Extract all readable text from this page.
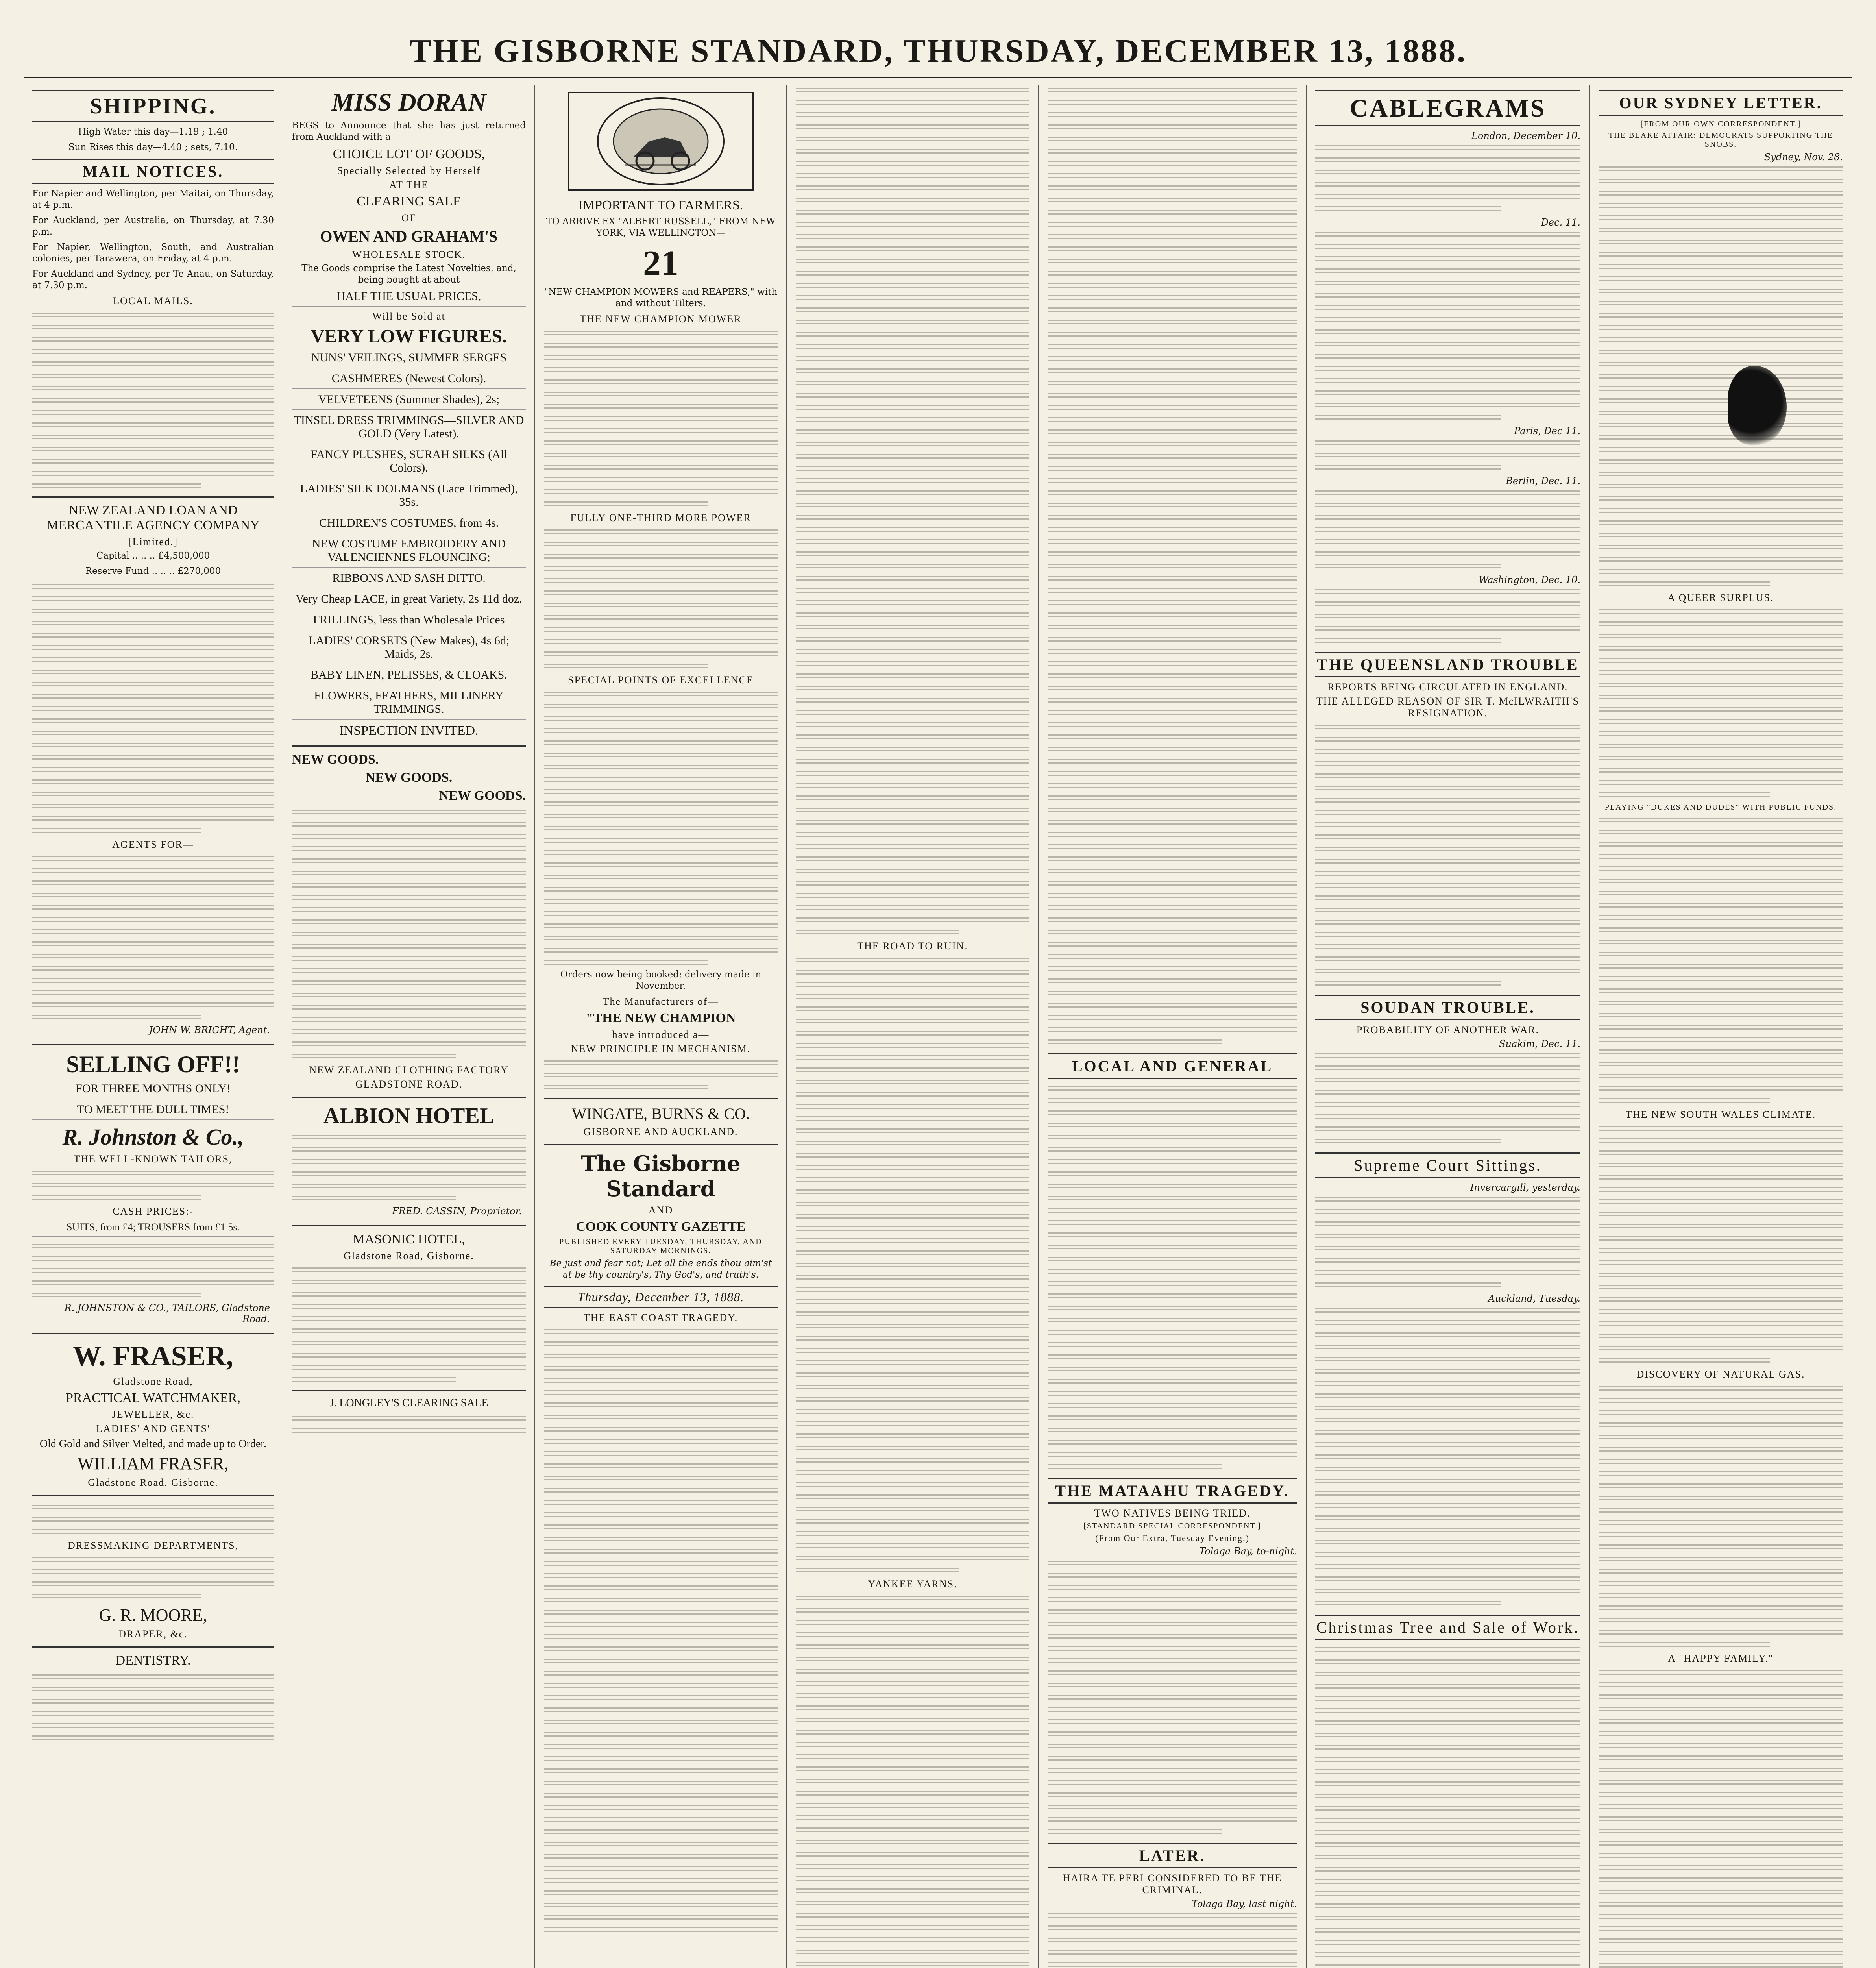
THE GISBORNE STANDARD, THURSDAY, DECEMBER 13, 1888.
SHIPPING.

High Water this day—1.19 ; 1.40

Sun Rises this day—4.40 ; sets, 7.10.

MAIL NOTICES.

For Napier and Wellington, per Maitai, on Thursday, at 4 p.m.

For Auckland, per Australia, on Thursday, at 7.30 p.m.

For Napier, Wellington, South, and Australian colonies, per Tarawera, on Friday, at 4 p.m.

For Auckland and Sydney, per Te Anau, on Saturday, at 7.30 p.m.

LOCAL MAILS.
NEW ZEALAND LOAN AND MERCANTILE AGENCY COMPANY
[Limited.]

Capital .. .. .. £4,500,000

Reserve Fund .. .. .. £270,000

AGENTS FOR—
JOHN W. BRIGHT, Agent.
SELLING OFF!!
FOR THREE MONTHS ONLY!
TO MEET THE DULL TIMES!
R. Johnston & Co.,
THE WELL-KNOWN TAILORS,
CASH PRICES:-
SUITS, from £4; TROUSERS from £1 5s.
R. JOHNSTON & CO., TAILORS, Gladstone Road.
W. FRASER,
Gladstone Road,
PRACTICAL WATCHMAKER,
JEWELLER, &c.
LADIES' AND GENTS'
Old Gold and Silver Melted, and made up to Order.
WILLIAM FRASER,
Gladstone Road, Gisborne.
DRESSMAKING DEPARTMENTS,
G. R. MOORE,
DRAPER, &c.
DENTISTRY.
MISS DORAN

BEGS to Announce that she has just returned from Auckland with a

CHOICE LOT OF GOODS,
Specially Selected by Herself
AT THE
CLEARING SALE
OF
OWEN AND GRAHAM'S
WHOLESALE STOCK.

The Goods comprise the Latest Novelties, and, being bought at about

HALF THE USUAL PRICES,
Will be Sold at
VERY LOW FIGURES.
NUNS' VEILINGS, SUMMER SERGES
CASHMERES (Newest Colors).
VELVETEENS (Summer Shades), 2s;
TINSEL DRESS TRIMMINGS—SILVER AND GOLD (Very Latest).
FANCY PLUSHES, SURAH SILKS (All Colors).
LADIES' SILK DOLMANS (Lace Trimmed), 35s.
CHILDREN'S COSTUMES, from 4s.
NEW COSTUME EMBROIDERY AND VALENCIENNES FLOUNCING;
RIBBONS AND SASH DITTO.
Very Cheap LACE, in great Variety, 2s 11d doz.
FRILLINGS, less than Wholesale Prices
LADIES' CORSETS (New Makes), 4s 6d; Maids, 2s.
BABY LINEN, PELISSES, & CLOAKS.
FLOWERS, FEATHERS, MILLINERY TRIMMINGS.
INSPECTION INVITED.
NEW GOODS.
NEW GOODS.
NEW GOODS.
NEW ZEALAND CLOTHING FACTORY
GLADSTONE ROAD.
ALBION HOTEL
FRED. CASSIN, Proprietor.
MASONIC HOTEL,
Gladstone Road, Gisborne.
J. LONGLEY'S CLEARING SALE
IMPORTANT TO FARMERS.

TO ARRIVE EX "ALBERT RUSSELL," FROM NEW YORK, VIA WELLINGTON—

21

"NEW CHAMPION MOWERS and REAPERS," with and without Tilters.

THE NEW CHAMPION MOWER
FULLY ONE-THIRD MORE POWER
SPECIAL POINTS OF EXCELLENCE

Orders now being booked; delivery made in November.

The Manufacturers of—
"THE NEW CHAMPION
have introduced a—
NEW PRINCIPLE IN MECHANISM.
WINGATE, BURNS & CO.
GISBORNE AND AUCKLAND.
The Gisborne Standard
AND
COOK COUNTY GAZETTE
PUBLISHED EVERY TUESDAY, THURSDAY, AND SATURDAY MORNINGS.

Be just and fear not; Let all the ends thou aim'st at be thy country's, Thy God's, and truth's.

Thursday, December 13, 1888.
THE EAST COAST TRAGEDY.
THE ROAD TO RUIN.
YANKEE YARNS.
LOCAL AND GENERAL
THE MATAAHU TRAGEDY.
TWO NATIVES BEING TRIED.
[STANDARD SPECIAL CORRESPONDENT.]
(From Our Extra, Tuesday Evening.)
Tolaga Bay, to-night.
LATER.
HAIRA TE PERI CONSIDERED TO BE THE CRIMINAL.
Tolaga Bay, last night.
CABLEGRAMS
London, December 10.
Dec. 11.
Paris, Dec 11.
Berlin, Dec. 11.
Washington, Dec. 10.
THE QUEENSLAND TROUBLE
REPORTS BEING CIRCULATED IN ENGLAND.
THE ALLEGED REASON OF SIR T. McILWRAITH'S RESIGNATION.
SOUDAN TROUBLE.
PROBABILITY OF ANOTHER WAR.
Suakim, Dec. 11.
Supreme Court Sittings.
Invercargill, yesterday.
Auckland, Tuesday.
Christmas Tree and Sale of Work.
OUR SYDNEY LETTER.
[FROM OUR OWN CORRESPONDENT.]
THE BLAKE AFFAIR: DEMOCRATS SUPPORTING THE SNOBS.
Sydney, Nov. 28.
A QUEER SURPLUS.
PLAYING "DUKES AND DUDES" WITH PUBLIC FUNDS.
THE NEW SOUTH WALES CLIMATE.
DISCOVERY OF NATURAL GAS.
A "HAPPY FAMILY."
